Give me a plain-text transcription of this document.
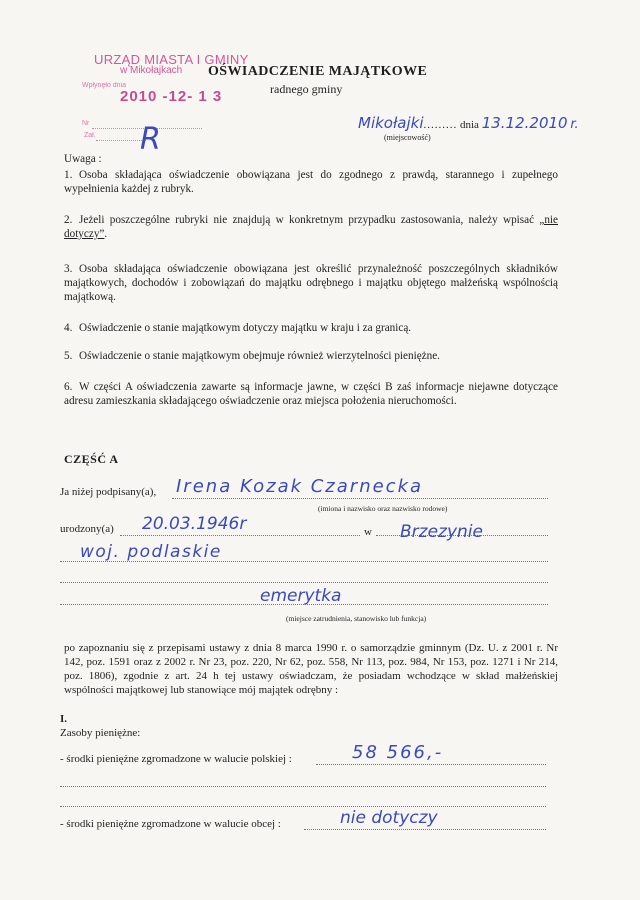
URZĄD MIASTA I GMINY
w Mikołajkach
Wpłynęło dnia
2010 -12- 1 3
Nr
Zał. R
OŚWIADCZENIE MAJĄTKOWE
radnego gminy
Mikołajki......... dnia 13.12.2010 r.
(miejscowość)
Uwaga :
1. Osoba składająca oświadczenie obowiązana jest do zgodnego z prawdą, starannego i zupełnego wypełnienia każdej z rubryk.
2. Jeżeli poszczególne rubryki nie znajdują w konkretnym przypadku zastosowania, należy wpisać „nie dotyczy”.
3. Osoba składająca oświadczenie obowiązana jest określić przynależność poszczególnych składników majątkowych, dochodów i zobowiązań do majątku odrębnego i majątku objętego małżeńską wspólnością majątkową.
4. Oświadczenie o stanie majątkowym dotyczy majątku w kraju i za granicą.
5. Oświadczenie o stanie majątkowym obejmuje również wierzytelności pieniężne.
6. W części A oświadczenia zawarte są informacje jawne, w części B zaś informacje niejawne dotyczące adresu zamieszkania składającego oświadczenie oraz miejsca położenia nieruchomości.
CZĘŚĆ A
Ja niżej podpisany(a), Irena Kozak Czarnecka
(imiona i nazwisko oraz nazwisko rodowe)
urodzony(a) 20.03.1946r	w Brzezynie
woj. podlaskie
emerytka
(miejsce zatrudnienia, stanowisko lub funkcja)
po zapoznaniu się z przepisami ustawy z dnia 8 marca 1990 r. o samorządzie gminnym (Dz. U. z 2001 r. Nr 142, poz. 1591 oraz z 2002 r. Nr 23, poz. 220, Nr 62, poz. 558, Nr 113, poz. 984, Nr 153, poz. 1271 i Nr 214, poz. 1806), zgodnie z art. 24 h tej ustawy oświadczam, że posiadam wchodzące w skład małżeńskiej wspólności majątkowej lub stanowiące mój majątek odrębny :
I.
Zasoby pieniężne:
- środki pieniężne zgromadzone w walucie polskiej :	58 566,-
- środki pieniężne zgromadzone w walucie obcej :	nie dotyczy
